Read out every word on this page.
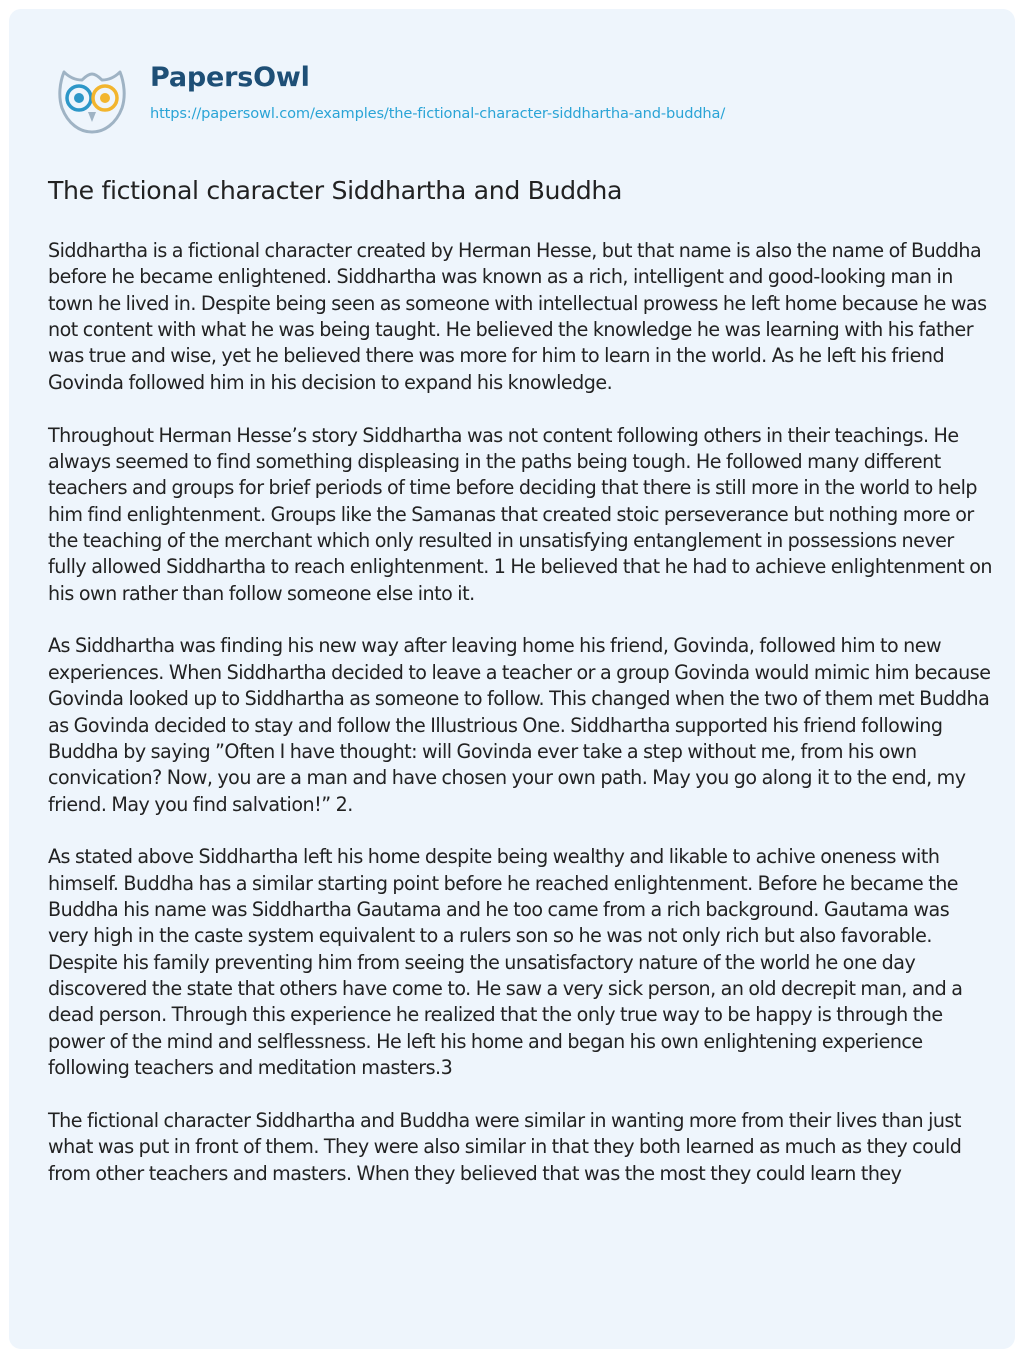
PapersOwl
https://papersowl.com/examples/the-fictional-character-siddhartha-and-buddha/
The fictional character Siddhartha and Buddha

Siddhartha is a fictional character created by Herman Hesse, but that name is also the name of Buddha before he became enlightened. Siddhartha was known as a rich, intelligent and good-looking man in town he lived in. Despite being seen as someone with intellectual prowess he left home because he was not content with what he was being taught. He believed the knowledge he was learning with his father was true and wise, yet he believed there was more for him to learn in the world. As he left his friend Govinda followed him in his decision to expand his knowledge.

Throughout Herman Hesse’s story Siddhartha was not content following others in their teachings. He always seemed to find something displeasing in the paths being tough. He followed many different teachers and groups for brief periods of time before deciding that there is still more in the world to help him find enlightenment. Groups like the Samanas that created stoic perseverance but nothing more or the teaching of the merchant which only resulted in unsatisfying entanglement in possessions never fully allowed Siddhartha to reach enlightenment. 1 He believed that he had to achieve enlightenment on his own rather than follow someone else into it.

As Siddhartha was finding his new way after leaving home his friend, Govinda, followed him to new experiences. When Siddhartha decided to leave a teacher or a group Govinda would mimic him because Govinda looked up to Siddhartha as someone to follow. This changed when the two of them met Buddha as Govinda decided to stay and follow the Illustrious One. Siddhartha supported his friend following Buddha by saying ”Often I have thought: will Govinda ever take a step without me, from his own convication? Now, you are a man and have chosen your own path. May you go along it to the end, my friend. May you find salvation!” 2.

As stated above Siddhartha left his home despite being wealthy and likable to achive oneness with himself. Buddha has a similar starting point before he reached enlightenment. Before he became the Buddha his name was Siddhartha Gautama and he too came from a rich background. Gautama was very high in the caste system equivalent to a rulers son so he was not only rich but also favorable. Despite his family preventing him from seeing the unsatisfactory nature of the world he one day discovered the state that others have come to. He saw a very sick person, an old decrepit man, and a dead person. Through this experience he realized that the only true way to be happy is through the power of the mind and selflessness. He left his home and began his own enlightening experience following teachers and meditation masters.3

The fictional character Siddhartha and Buddha were similar in wanting more from their lives than just what was put in front of them. They were also similar in that they both learned as much as they could from other teachers and masters. When they believed that was the most they could learn they
